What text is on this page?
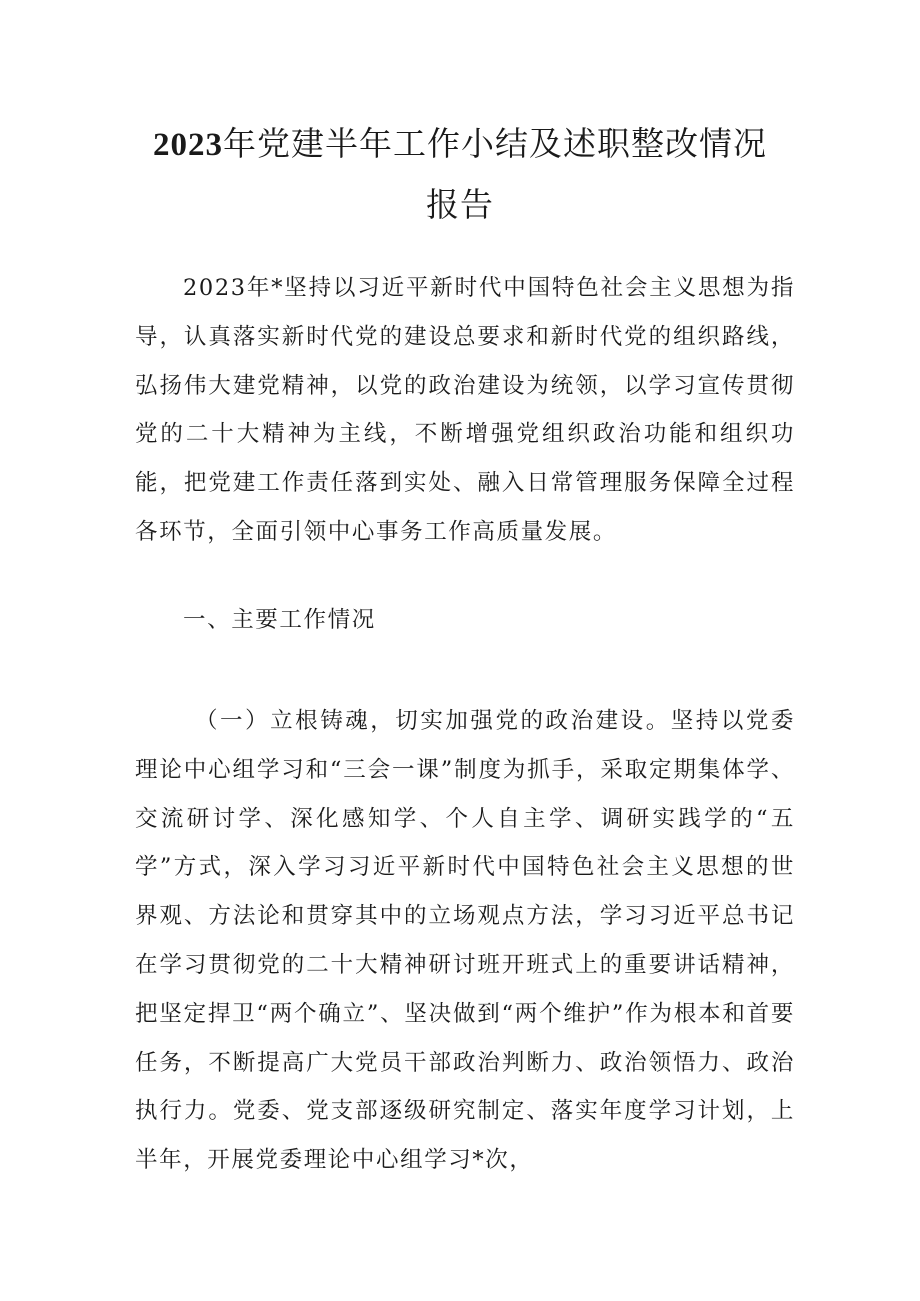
2023年党建半年工作小结及述职整改情况
报告

2023年*坚持以习近平新时代中国特色社会主义思想为指导，认真落实新时代党的建设总要求和新时代党的组织路线，弘扬伟大建党精神，以党的政治建设为统领，以学习宣传贯彻党的二十大精神为主线，不断增强党组织政治功能和组织功能，把党建工作责任落到实处、融入日常管理服务保障全过程各环节，全面引领中心事务工作高质量发展。

一、主要工作情况

（一）立根铸魂，切实加强党的政治建设。坚持以党委理论中心组学习和“三会一课”制度为抓手，采取定期集体学、交流研讨学、深化感知学、个人自主学、调研实践学的“五学”方式，深入学习习近平新时代中国特色社会主义思想的世界观、方法论和贯穿其中的立场观点方法，学习习近平总书记在学习贯彻党的二十大精神研讨班开班式上的重要讲话精神，把坚定捍卫“两个确立”、坚决做到“两个维护”作为根本和首要任务，不断提高广大党员干部政治判断力、政治领悟力、政治执行力。党委、党支部逐级研究制定、落实年度学习计划，上半年，开展党委理论中心组学习*次，
